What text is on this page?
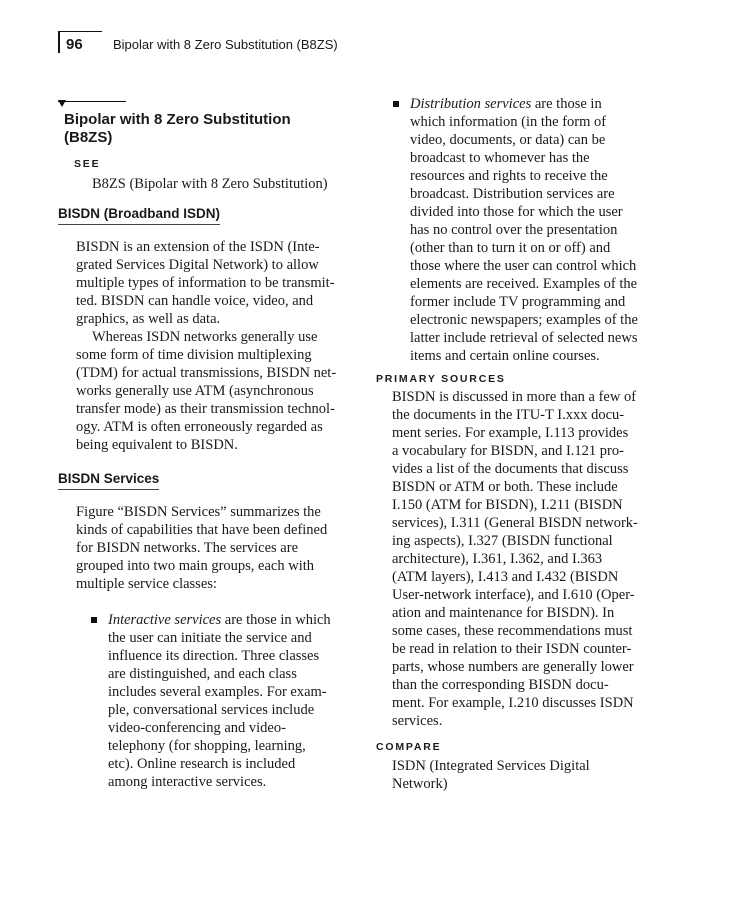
96 Bipolar with 8 Zero Substitution (B8ZS)
Bipolar with 8 Zero Substitution
(B8ZS)
SEE
B8ZS (Bipolar with 8 Zero Substitution)
BISDN (Broadband ISDN)
BISDN is an extension of the ISDN (Inte-
grated Services Digital Network) to allow
multiple types of information to be transmit-
ted. BISDN can handle voice, video, and
graphics, as well as data.
Whereas ISDN networks generally use
some form of time division multiplexing
(TDM) for actual transmissions, BISDN net-
works generally use ATM (asynchronous
transfer mode) as their transmission technol-
ogy. ATM is often erroneously regarded as
being equivalent to BISDN.
BISDN Services
Figure “BISDN Services” summarizes the
kinds of capabilities that have been defined
for BISDN networks. The services are
grouped into two main groups, each with
multiple service classes:
Interactive services are those in which
the user can initiate the service and
influence its direction. Three classes
are distinguished, and each class
includes several examples. For exam-
ple, conversational services include
video-conferencing and video-
telephony (for shopping, learning,
etc). Online research is included
among interactive services.
Distribution services are those in
which information (in the form of
video, documents, or data) can be
broadcast to whomever has the
resources and rights to receive the
broadcast. Distribution services are
divided into those for which the user
has no control over the presentation
(other than to turn it on or off) and
those where the user can control which
elements are received. Examples of the
former include TV programming and
electronic newspapers; examples of the
latter include retrieval of selected news
items and certain online courses.
PRIMARY SOURCES
BISDN is discussed in more than a few of
the documents in the ITU-T I.xxx docu-
ment series. For example, I.113 provides
a vocabulary for BISDN, and I.121 pro-
vides a list of the documents that discuss
BISDN or ATM or both. These include
I.150 (ATM for BISDN), I.211 (BISDN
services), I.311 (General BISDN network-
ing aspects), I.327 (BISDN functional
architecture), I.361, I.362, and I.363
(ATM layers), I.413 and I.432 (BISDN
User-network interface), and I.610 (Oper-
ation and maintenance for BISDN). In
some cases, these recommendations must
be read in relation to their ISDN counter-
parts, whose numbers are generally lower
than the corresponding BISDN docu-
ment. For example, I.210 discusses ISDN
services.
COMPARE
ISDN (Integrated Services Digital
Network)
